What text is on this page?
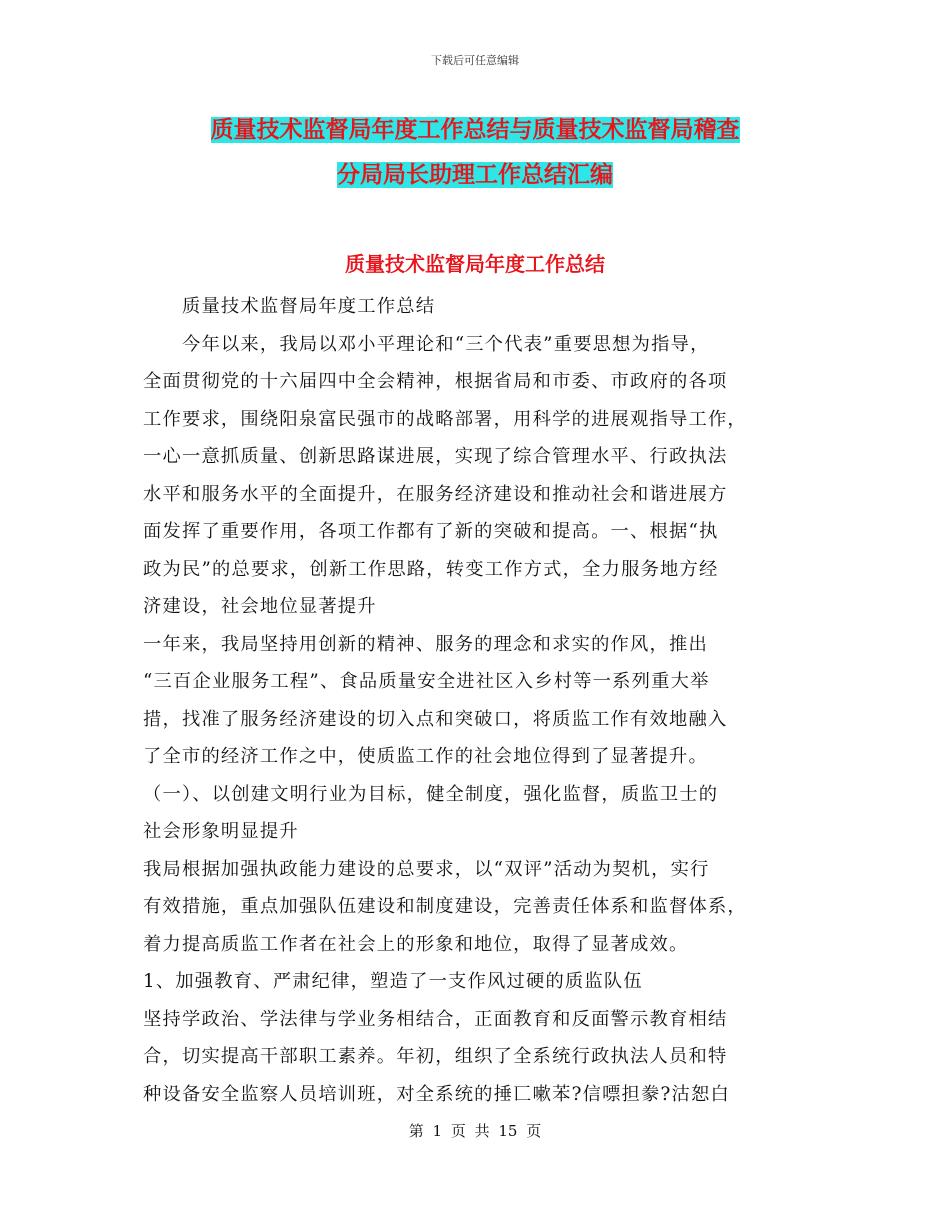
下载后可任意编辑
质量技术监督局年度工作总结与质量技术监督局稽查
分局局长助理工作总结汇编
质量技术监督局年度工作总结
　　质量技术监督局年度工作总结
　　今年以来，我局以邓小平理论和“三个代表”重要思想为指导，
全面贯彻党的十六届四中全会精神，根据省局和市委、市政府的各项
工作要求，围绕阳泉富民强市的战略部署，用科学的进展观指导工作，
一心一意抓质量、创新思路谋进展，实现了综合管理水平、行政执法
水平和服务水平的全面提升，在服务经济建设和推动社会和谐进展方
面发挥了重要作用，各项工作都有了新的突破和提高。一、根据“执
政为民”的总要求，创新工作思路，转变工作方式，全力服务地方经
济建设，社会地位显著提升
一年来，我局坚持用创新的精神、服务的理念和求实的作风，推出
“三百企业服务工程”、食品质量安全进社区入乡村等一系列重大举
措，找准了服务经济建设的切入点和突破口，将质监工作有效地融入
了全市的经济工作之中，使质监工作的社会地位得到了显著提升。
（一）、以创建文明行业为目标，健全制度，强化监督，质监卫士的
社会形象明显提升
我局根据加强执政能力建设的总要求，以“双评”活动为契机，实行
有效措施，重点加强队伍建设和制度建设，完善责任体系和监督体系，
着力提高质监工作者在社会上的形象和地位，取得了显著成效。
1、加强教育、严肃纪律，塑造了一支作风过硬的质监队伍
坚持学政治、学法律与学业务相结合，正面教育和反面警示教育相结
合，切实提高干部职工素养。年初，组织了全系统行政执法人员和特
种设备安全监察人员培训班，对全系统的捶匸嗽苯?信嘌担豢?沽恕白
第 1 页 共 15 页
